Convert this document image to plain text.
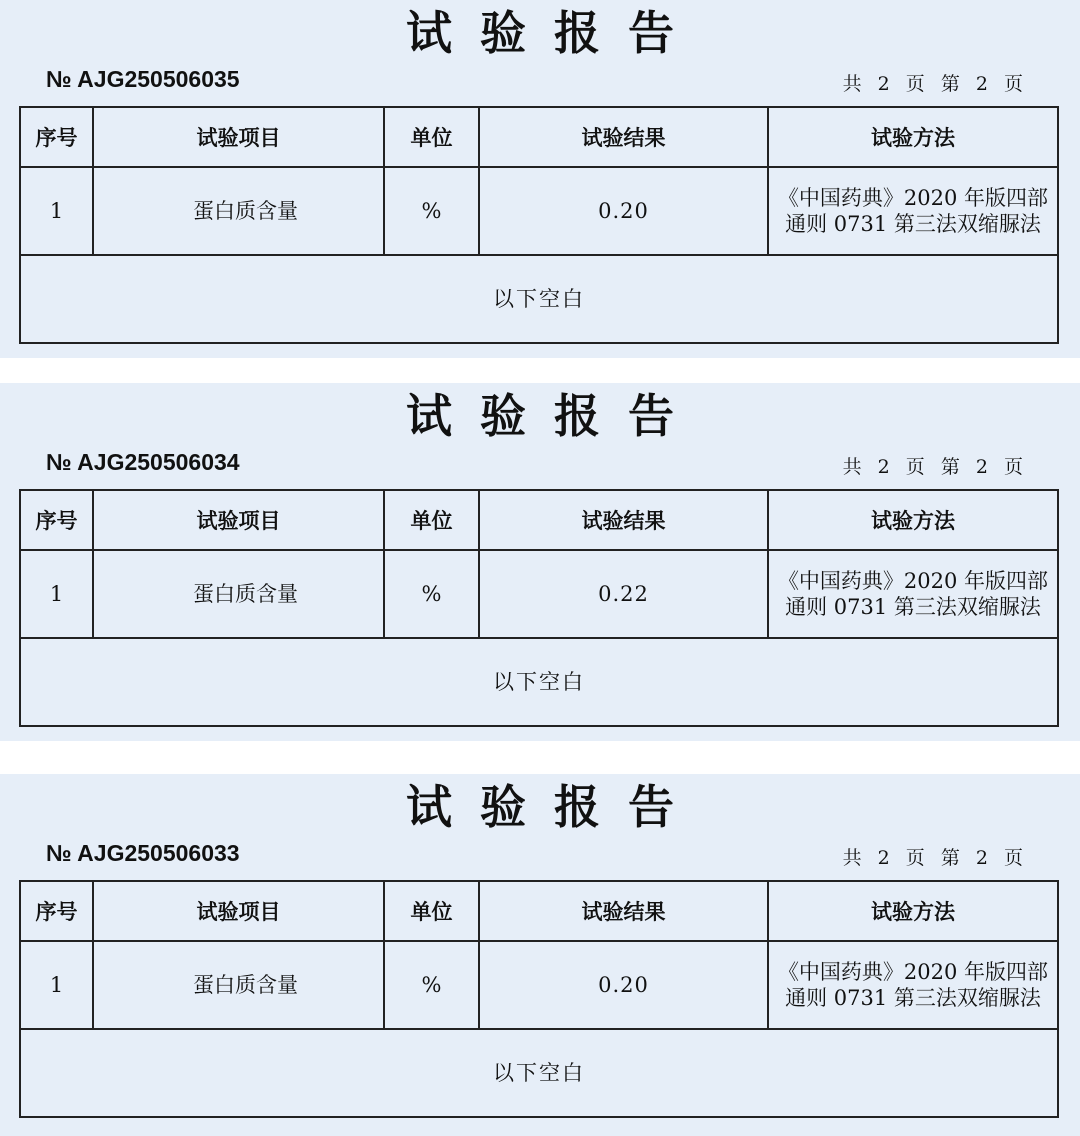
试验报告
№ AJG250506035	共 2 页 第 2 页
序号	试验项目	单位	试验结果	试验方法
1	蛋白质含量	%	0.20	《中国药典》2020 年版四部通则 0731 第三法双缩脲法
以下空白				
试验报告
№ AJG250506034	共 2 页 第 2 页
序号	试验项目	单位	试验结果	试验方法
1	蛋白质含量	%	0.22	《中国药典》2020 年版四部通则 0731 第三法双缩脲法
以下空白				
试验报告
№ AJG250506033	共 2 页 第 2 页
序号	试验项目	单位	试验结果	试验方法
1	蛋白质含量	%	0.20	《中国药典》2020 年版四部通则 0731 第三法双缩脲法
以下空白				
